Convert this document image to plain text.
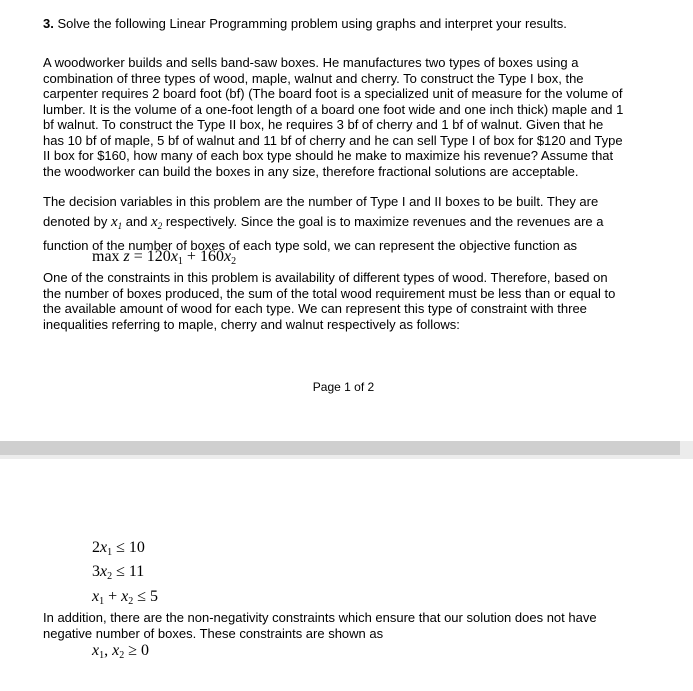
3. Solve the following Linear Programming problem using graphs and interpret your results.

A woodworker builds and sells band-saw boxes. He manufactures two types of boxes using a
combination of three types of wood, maple, walnut and cherry. To construct the Type I box, the
carpenter requires 2 board foot (bf) (The board foot is a specialized unit of measure for the volume of
lumber. It is the volume of a one-foot length of a board one foot wide and one inch thick) maple and 1
bf walnut. To construct the Type II box, he requires 3 bf of cherry and 1 bf of walnut. Given that he
has 10 bf of maple, 5 bf of walnut and 11 bf of cherry and he can sell Type I of box for $120 and Type
II box for $160, how many of each box type should he make to maximize his revenue? Assume that
the woodworker can build the boxes in any size, therefore fractional solutions are acceptable.

The decision variables in this problem are the number of Type I and II boxes to be built. They are
denoted by $x_1$ and $x_2$ respectively. Since the goal is to maximize revenues and the revenues are a
function of the number of boxes of each type sold, we can represent the objective function as

$\max z = 120x_1 + 160x_2$

One of the constraints in this problem is availability of different types of wood. Therefore, based on
the number of boxes produced, the sum of the total wood requirement must be less than or equal to
the available amount of wood for each type. We can represent this type of constraint with three
inequalities referring to maple, cherry and walnut respectively as follows:

Page 1 of 2
$2x_1 \le 10$
$3x_2 \le 11$
$x_1 + x_2 \le 5$

In addition, there are the non-negativity constraints which ensure that our solution does not have
negative number of boxes. These constraints are shown as

$x_1$, $x_2 \ge 0$
